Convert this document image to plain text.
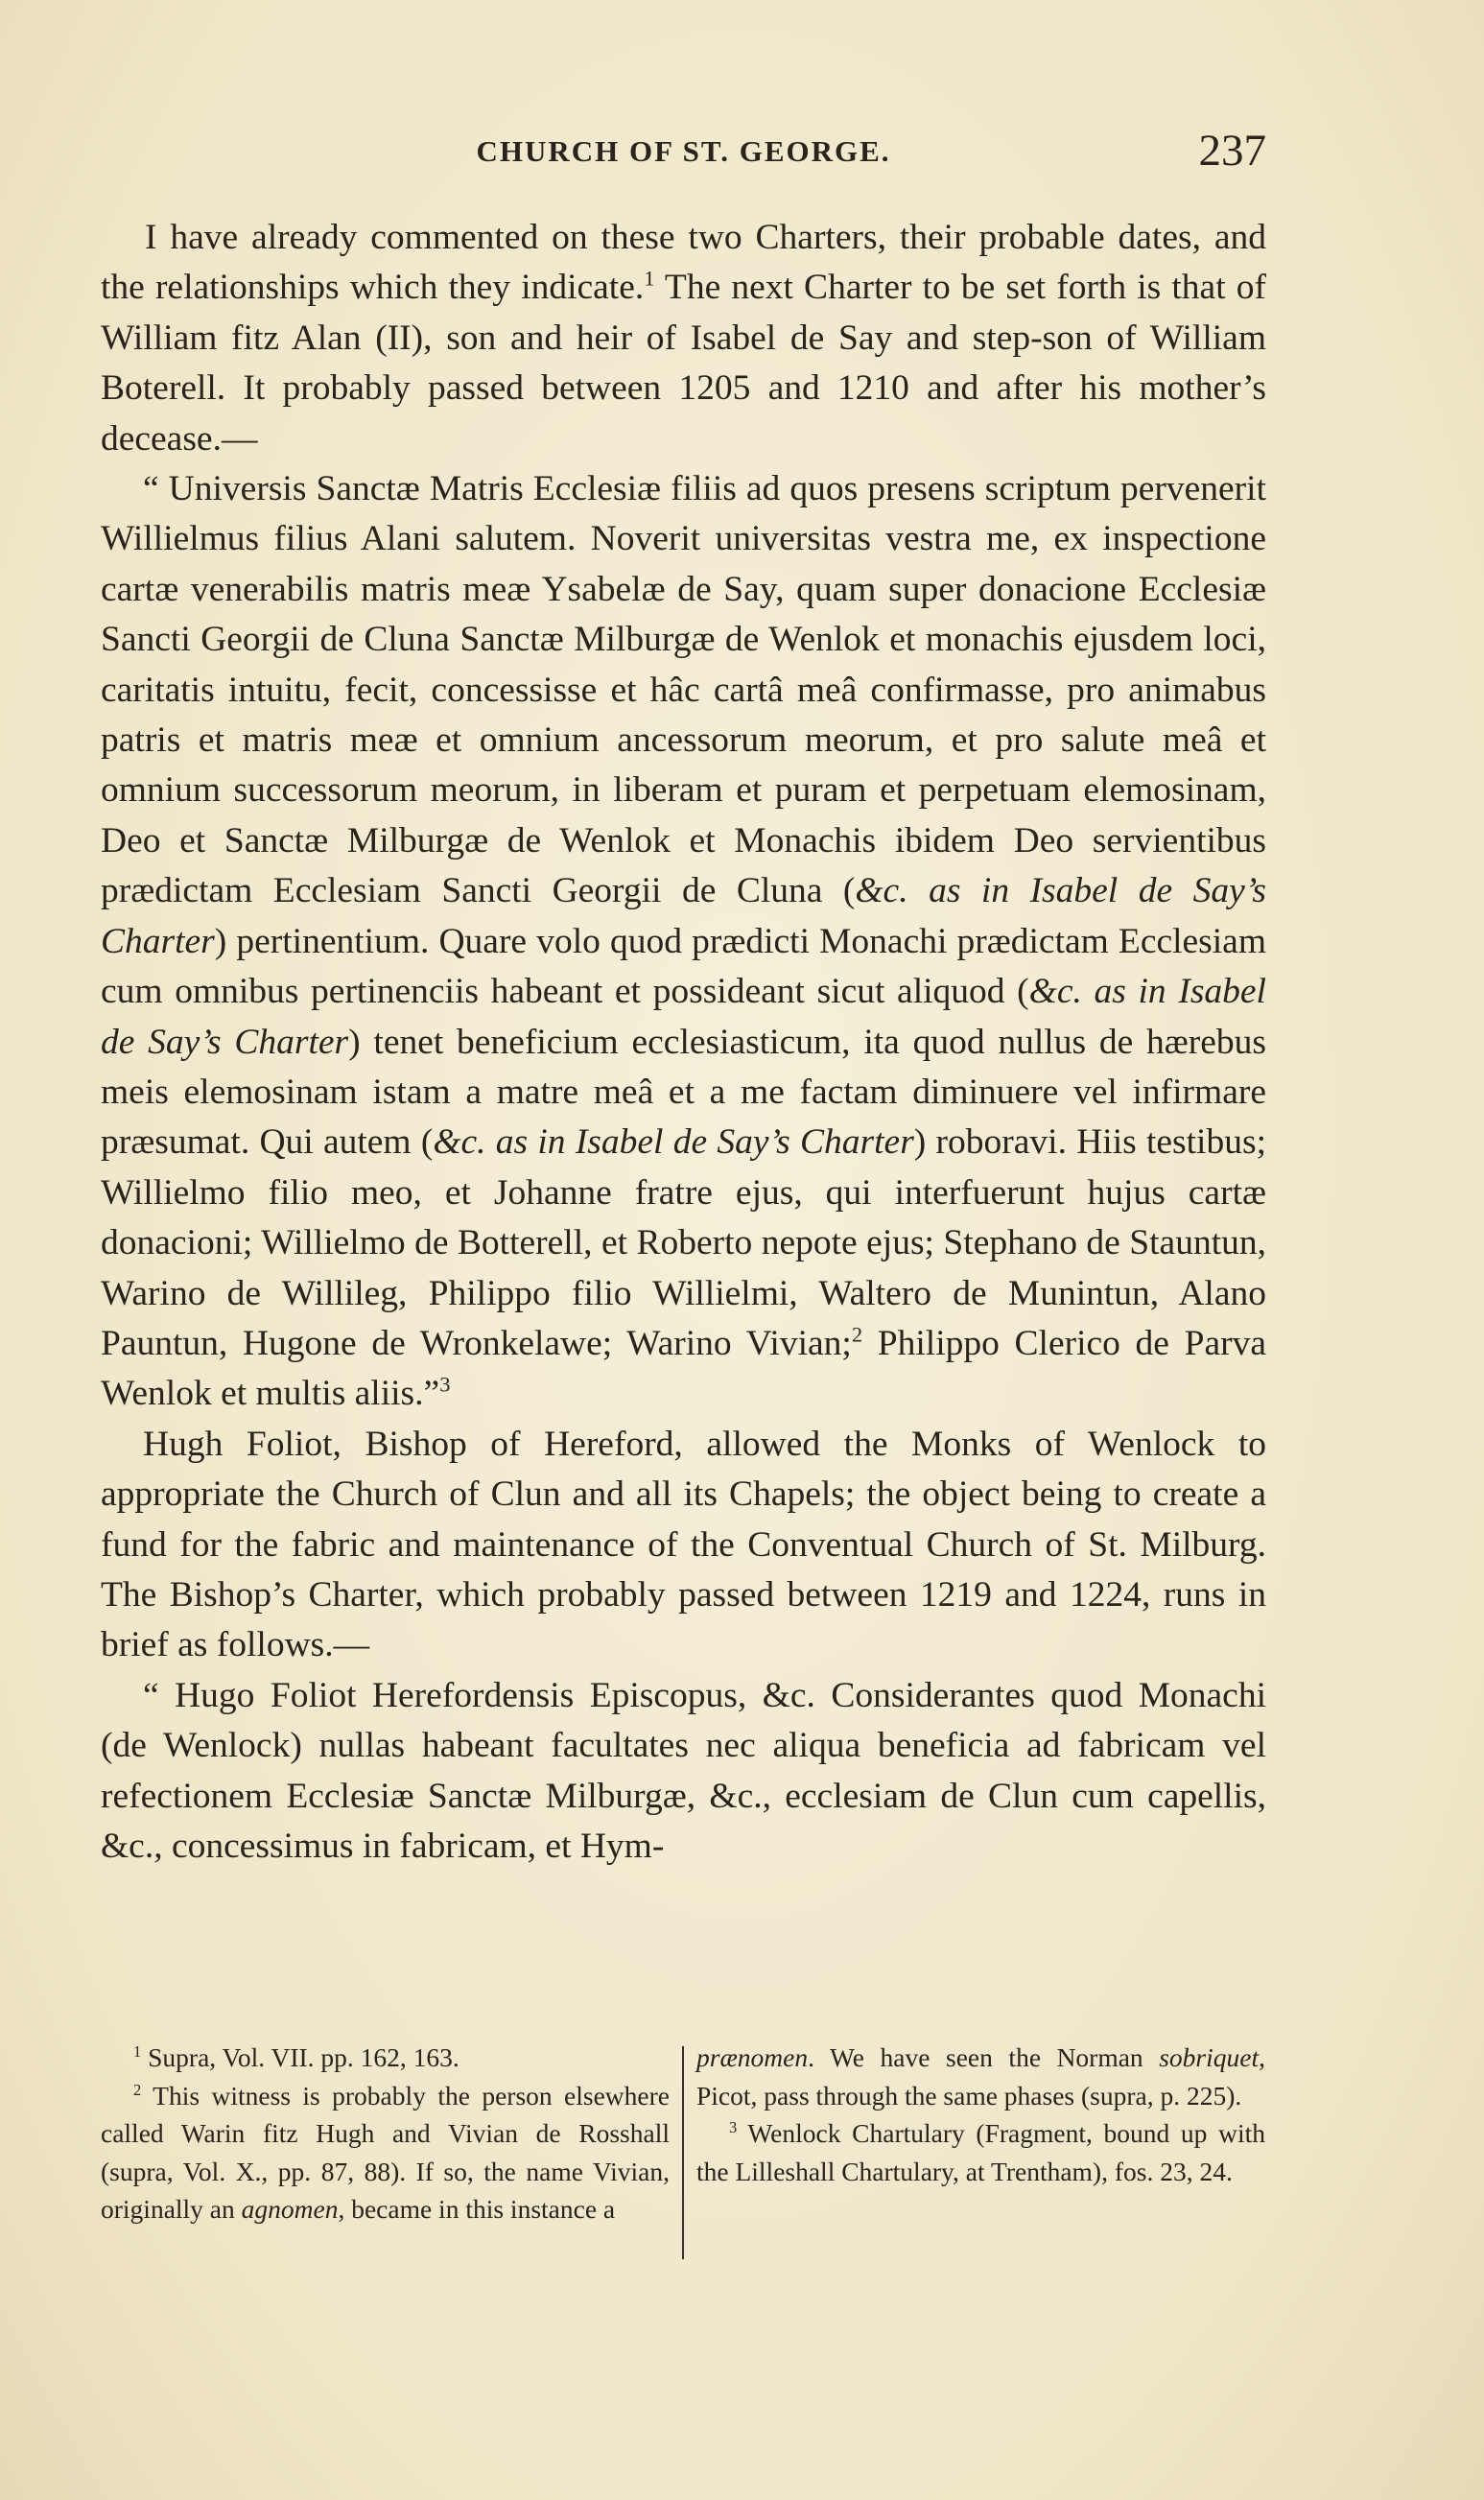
CHURCH OF ST. GEORGE.	237

I have already commented on these two Charters, their probable dates, and the relationships which they indicate.$^1$ The next Charter to be set forth is that of William fitz Alan (II), son and heir of Isabel de Say and step-son of William Boterell. It probably passed between 1205 and 1210 and after his mother’s decease.—

“ Universis Sanctæ Matris Ecclesiæ filiis ad quos presens scriptum pervenerit Willielmus filius Alani salutem. Noverit universitas vestra me, ex inspectione cartæ venerabilis matris meæ Ysabelæ de Say, quam super donacione Ecclesiæ Sancti Georgii de Cluna Sanctæ Milburgæ de Wenlok et monachis ejusdem loci, caritatis intuitu, fecit, concessisse et hâc cartâ meâ confirmasse, pro animabus patris et matris meæ et omnium ancessorum meorum, et pro salute meâ et omnium successorum meorum, in liberam et puram et perpetuam elemosinam, Deo et Sanctæ Milburgæ de Wenlok et Monachis ibidem Deo servientibus prædictam Ecclesiam Sancti Georgii de Cluna (&c. as in Isabel de Say’s Charter) pertinentium. Quare volo quod prædicti Monachi prædictam Ecclesiam cum omnibus pertinenciis habeant et possideant sicut aliquod (&c. as in Isabel de Say’s Charter) tenet beneficium ecclesiasticum, ita quod nullus de hærebus meis elemosinam istam a matre meâ et a me factam diminuere vel infirmare præsumat. Qui autem (&c. as in Isabel de Say’s Charter) roboravi. Hiis testibus; Willielmo filio meo, et Johanne fratre ejus, qui interfuerunt hujus cartæ donacioni; Willielmo de Botterell, et Roberto nepote ejus; Stephano de Stauntun, Warino de Willileg, Philippo filio Willielmi, Waltero de Munintun, Alano Pauntun, Hugone de Wronkelawe; Warino Vivian;$^2$ Philippo Clerico de Parva Wenlok et multis aliis.”$^3$

Hugh Foliot, Bishop of Hereford, allowed the Monks of Wenlock to appropriate the Church of Clun and all its Chapels; the object being to create a fund for the fabric and maintenance of the Conventual Church of St. Milburg. The Bishop’s Charter, which probably passed between 1219 and 1224, runs in brief as follows.—

“ Hugo Foliot Herefordensis Episcopus, &c. Considerantes quod Monachi (de Wenlock) nullas habeant facultates nec aliqua beneficia ad fabricam vel refectionem Ecclesiæ Sanctæ Milburgæ, &c., ecclesiam de Clun cum capellis, &c., concessimus in fabricam, et Hym-

$^1$ Supra, Vol. VII. pp. 162, 163.

$^2$ This witness is probably the person elsewhere called Warin fitz Hugh and Vivian de Rosshall (supra, Vol. X., pp. 87, 88). If so, the name Vivian, originally an agnomen, became in this instance a

prænomen. We have seen the Norman sobriquet, Picot, pass through the same phases (supra, p. 225).

$^3$ Wenlock Chartulary (Fragment, bound up with the Lilleshall Chartulary, at Trentham), fos. 23, 24.
